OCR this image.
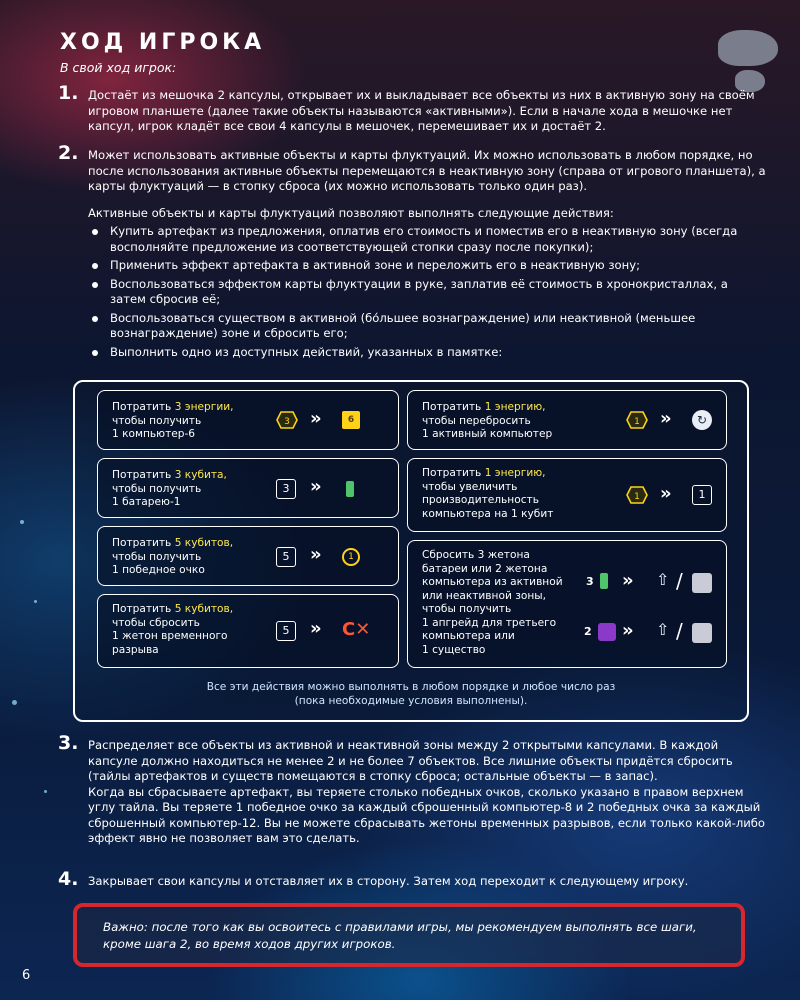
ХОД ИГРОКА
В свой ход игрок:
1. Достаёт из мешочка 2 капсулы, открывает их и выкладывает все объекты из них в активную зону на своём игровом планшете (далее такие объекты называются «активными»). Если в начале хода в мешочке нет капсул, игрок кладёт все свои 4 капсулы в мешочек, перемешивает их и достаёт 2.
2. Может использовать активные объекты и карты флуктуаций. Их можно использовать в любом порядке, но после использования активные объекты перемещаются в неактивную зону (справа от игрового планшета), а карты флуктуаций — в стопку сброса (их можно использовать только один раз).
Активные объекты и карты флуктуаций позволяют выполнять следующие действия:
Купить артефакт из предложения, оплатив его стоимость и поместив его в неактивную зону (всегда восполняйте предложение из соответствующей стопки сразу после покупки);
Применить эффект артефакта в активной зоне и переложить его в неактивную зону;
Воспользоваться эффектом карты флуктуации в руке, заплатив её стоимость в хронокристаллах, а затем сбросив её;
Воспользоваться существом в активной (бо́льшее вознаграждение) или неактивной (меньшее вознаграждение) зоне и сбросить его;
Выполнить одно из доступных действий, указанных в памятке:
Потратить 3 энергии,
чтобы получить
1 компьютер-6
3 »	6
Потратить 3 кубита,
чтобы получить
1 батарею-1
3	»
Потратить 5 кубитов,
чтобы получить
1 победное очко
5	»	1
Потратить 5 кубитов,
чтобы сбросить
1 жетон временного
разрыва
5	» C✕
Потратить 1 энергию,
чтобы перебросить
1 активный компьютер
1 »	↻
Потратить 1 энергию,
чтобы увеличить
производительность
компьютера на 1 кубит
1 »	1
Сбросить 3 жетона
батареи или 2 жетона
компьютера из активной
или неактивной зоны,
чтобы получить
1 апгрейд для третьего
компьютера или
1 существо
3 » ⇧ /
2 » ⇧ /
Все эти действия можно выполнять в любом порядке и любое число раз
(пока необходимые условия выполнены).
3. Распределяет все объекты из активной и неактивной зоны между 2 открытыми капсулами. В каждой капсуле должно находиться не менее 2 и не более 7 объектов. Все лишние объекты придётся сбросить (тайлы артефактов и существ помещаются в стопку сброса; остальные объекты — в запас).
Когда вы сбрасываете артефакт, вы теряете столько победных очков, сколько указано в правом верхнем углу тайла. Вы теряете 1 победное очко за каждый сброшенный компьютер-8 и 2 победных очка за каждый сброшенный компьютер-12. Вы не можете сбрасывать жетоны временных разрывов, если только какой-либо эффект явно не позволяет вам это сделать.
4. Закрывает свои капсулы и отставляет их в сторону. Затем ход переходит к следующему игроку.
Важно: после того как вы освоитесь с правилами игры, мы рекомендуем выполнять все шаги, кроме шага 2, во время ходов других игроков.
6
